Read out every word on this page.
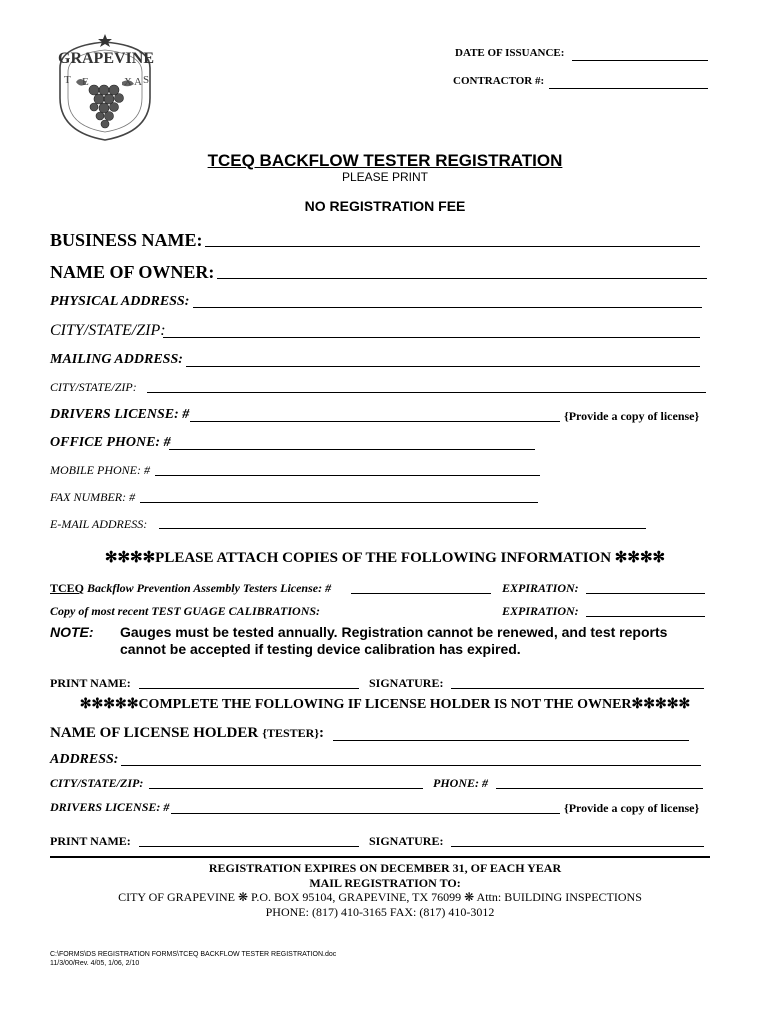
GRAPEVINE
T E	X A S
DATE OF ISSUANCE:
CONTRACTOR #:
TCEQ BACKFLOW TESTER REGISTRATION
PLEASE PRINT
NO REGISTRATION FEE
BUSINESS NAME:
NAME OF OWNER:
PHYSICAL ADDRESS:
CITY/STATE/ZIP:
MAILING ADDRESS:
CITY/STATE/ZIP:
DRIVERS LICENSE: #	{Provide a copy of license}
OFFICE PHONE: #
MOBILE PHONE: #
FAX NUMBER: #
E-MAIL ADDRESS:
✻✻✻✻PLEASE ATTACH COPIES OF THE FOLLOWING INFORMATION ✻✻✻✻
TCEQ Backflow Prevention Assembly Testers License: #	EXPIRATION:
Copy of most recent TEST GUAGE CALIBRATIONS:	EXPIRATION:
NOTE: Gauges must be tested annually. Registration cannot be renewed, and test reports
cannot be accepted if testing device calibration has expired.
PRINT NAME:	SIGNATURE:
✻✻✻✻✻COMPLETE THE FOLLOWING IF LICENSE HOLDER IS NOT THE OWNER✻✻✻✻✻
NAME OF LICENSE HOLDER {TESTER}:
ADDRESS:
CITY/STATE/ZIP:	PHONE: #
DRIVERS LICENSE: #	{Provide a copy of license}
PRINT NAME:	SIGNATURE:
REGISTRATION EXPIRES ON DECEMBER 31, OF EACH YEAR
MAIL REGISTRATION TO:
CITY OF GRAPEVINE ❋ P.O. BOX 95104, GRAPEVINE, TX 76099 ❋ Attn: BUILDING INSPECTIONS
PHONE: (817) 410-3165 FAX: (817) 410-3012
C:\FORMS\DS REGISTRATION FORMS\TCEQ BACKFLOW TESTER REGISTRATION.doc
11/3/00/Rev. 4/05, 1/06, 2/10
